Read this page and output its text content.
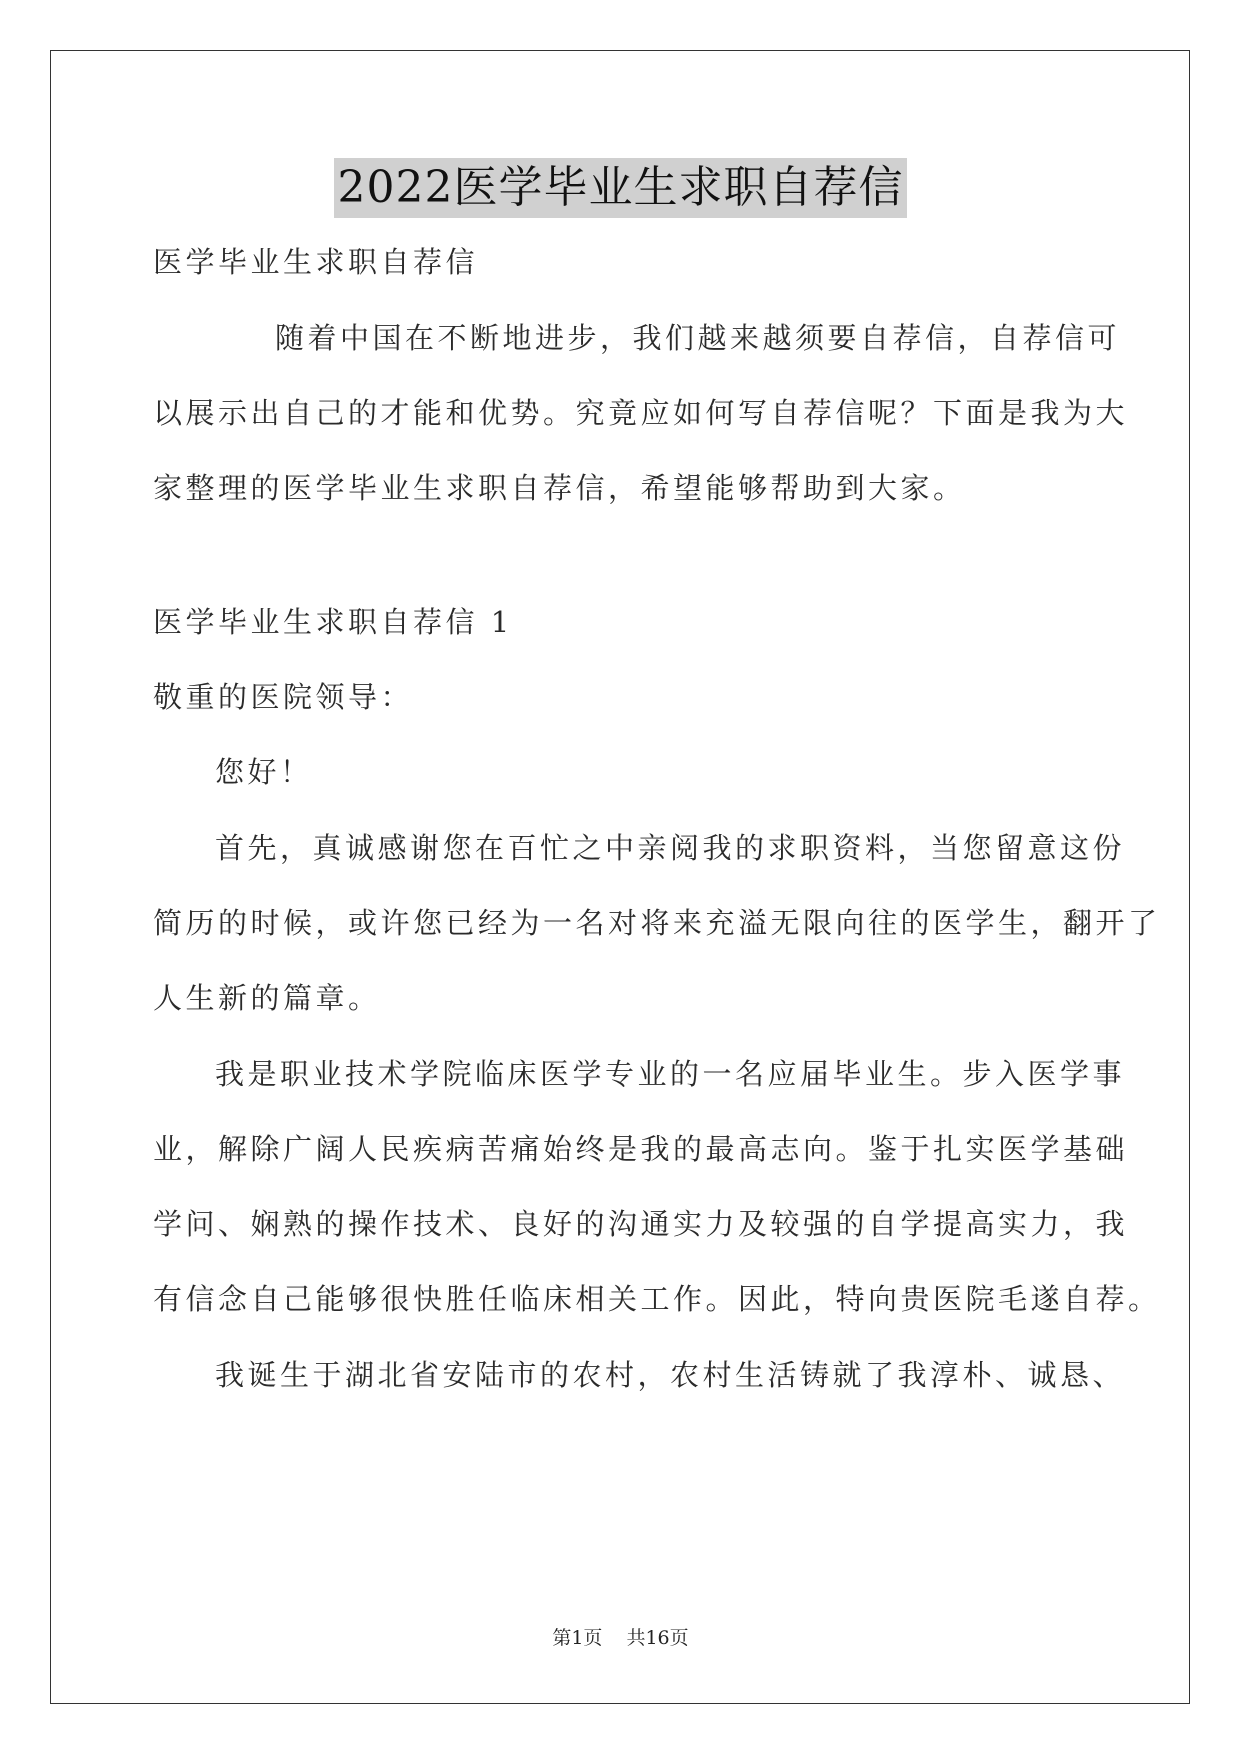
2022医学毕业生求职自荐信
医学毕业生求职自荐信
随着中国在不断地进步，我们越来越须要自荐信，自荐信可
以展示出自己的才能和优势。究竟应如何写自荐信呢？下面是我为大
家整理的医学毕业生求职自荐信，希望能够帮助到大家。
医学毕业生求职自荐信 1
敬重的医院领导：
您好！
首先，真诚感谢您在百忙之中亲阅我的求职资料，当您留意这份
简历的时候，或许您已经为一名对将来充溢无限向往的医学生，翻开了
人生新的篇章。
我是职业技术学院临床医学专业的一名应届毕业生。步入医学事
业，解除广阔人民疾病苦痛始终是我的最高志向。鉴于扎实医学基础
学问、娴熟的操作技术、良好的沟通实力及较强的自学提高实力，我
有信念自己能够很快胜任临床相关工作。因此，特向贵医院毛遂自荐。
我诞生于湖北省安陆市的农村，农村生活铸就了我淳朴、诚恳、
第1页 共16页
